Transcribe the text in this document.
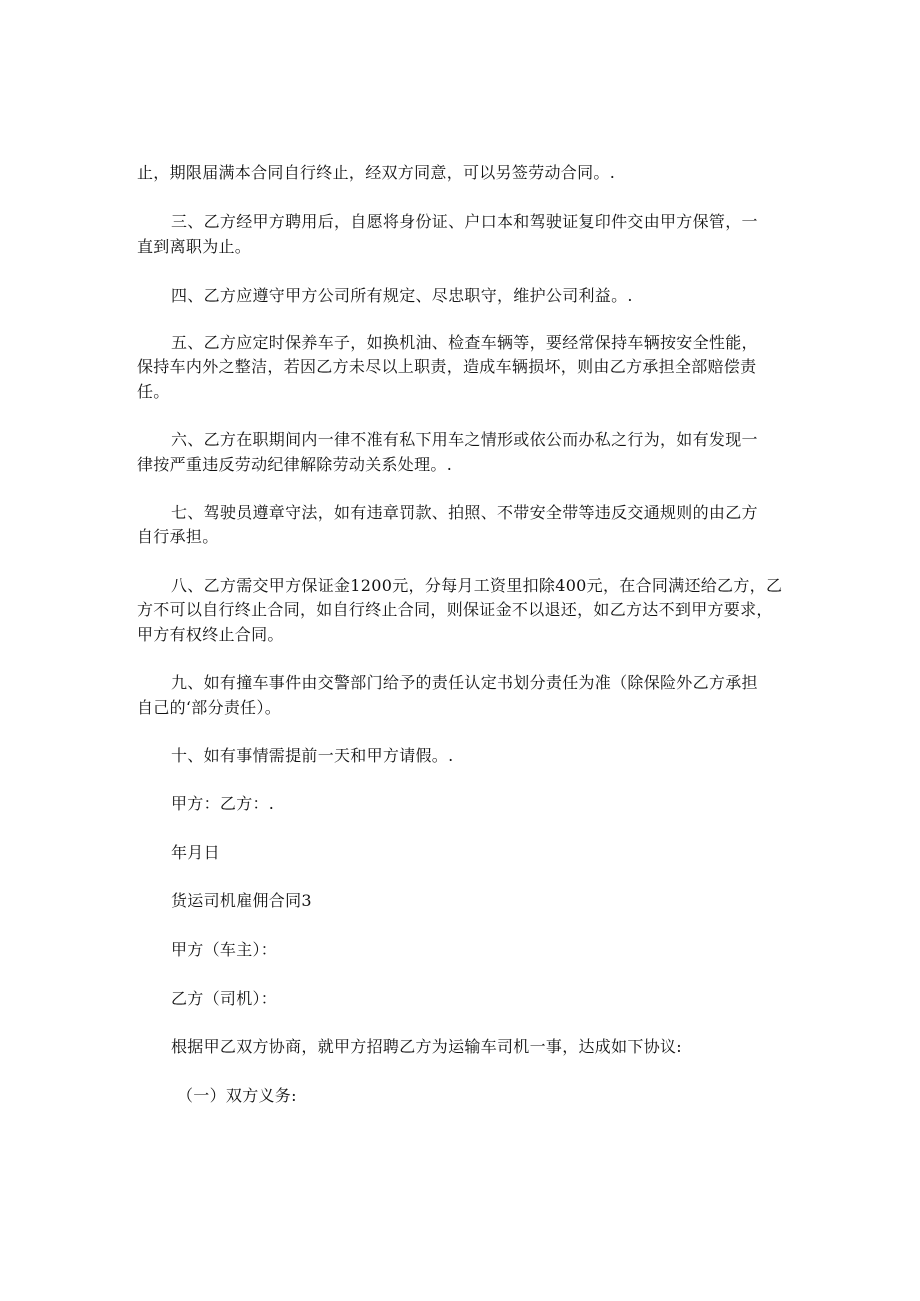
止，期限届满本合同自行终止，经双方同意，可以另签劳动合同。.
三、乙方经甲方聘用后，自愿将身份证、户口本和驾驶证复印件交由甲方保管，一
直到离职为止。
四、乙方应遵守甲方公司所有规定、尽忠职守，维护公司利益。.
五、乙方应定时保养车子，如换机油、检查车辆等，要经常保持车辆按安全性能，
保持车内外之整洁，若因乙方未尽以上职责，造成车辆损坏，则由乙方承担全部赔偿责
任。
六、乙方在职期间内一律不准有私下用车之情形或依公而办私之行为，如有发现一
律按严重违反劳动纪律解除劳动关系处理。.
七、驾驶员遵章守法，如有违章罚款、拍照、不带安全带等违反交通规则的由乙方
自行承担。
八、乙方需交甲方保证金1200元，分每月工资里扣除400元，在合同满还给乙方，乙
方不可以自行终止合同，如自行终止合同，则保证金不以退还，如乙方达不到甲方要求，
甲方有权终止合同。
九、如有撞车事件由交警部门给予的责任认定书划分责任为准（除保险外乙方承担
自己的‘部分责任）。
十、如有事情需提前一天和甲方请假。.
甲方：乙方：.
年月日
货运司机雇佣合同3
甲方（车主）：
乙方（司机）：
根据甲乙双方协商，就甲方招聘乙方为运输车司机一事，达成如下协议:
（一）双方义务:
